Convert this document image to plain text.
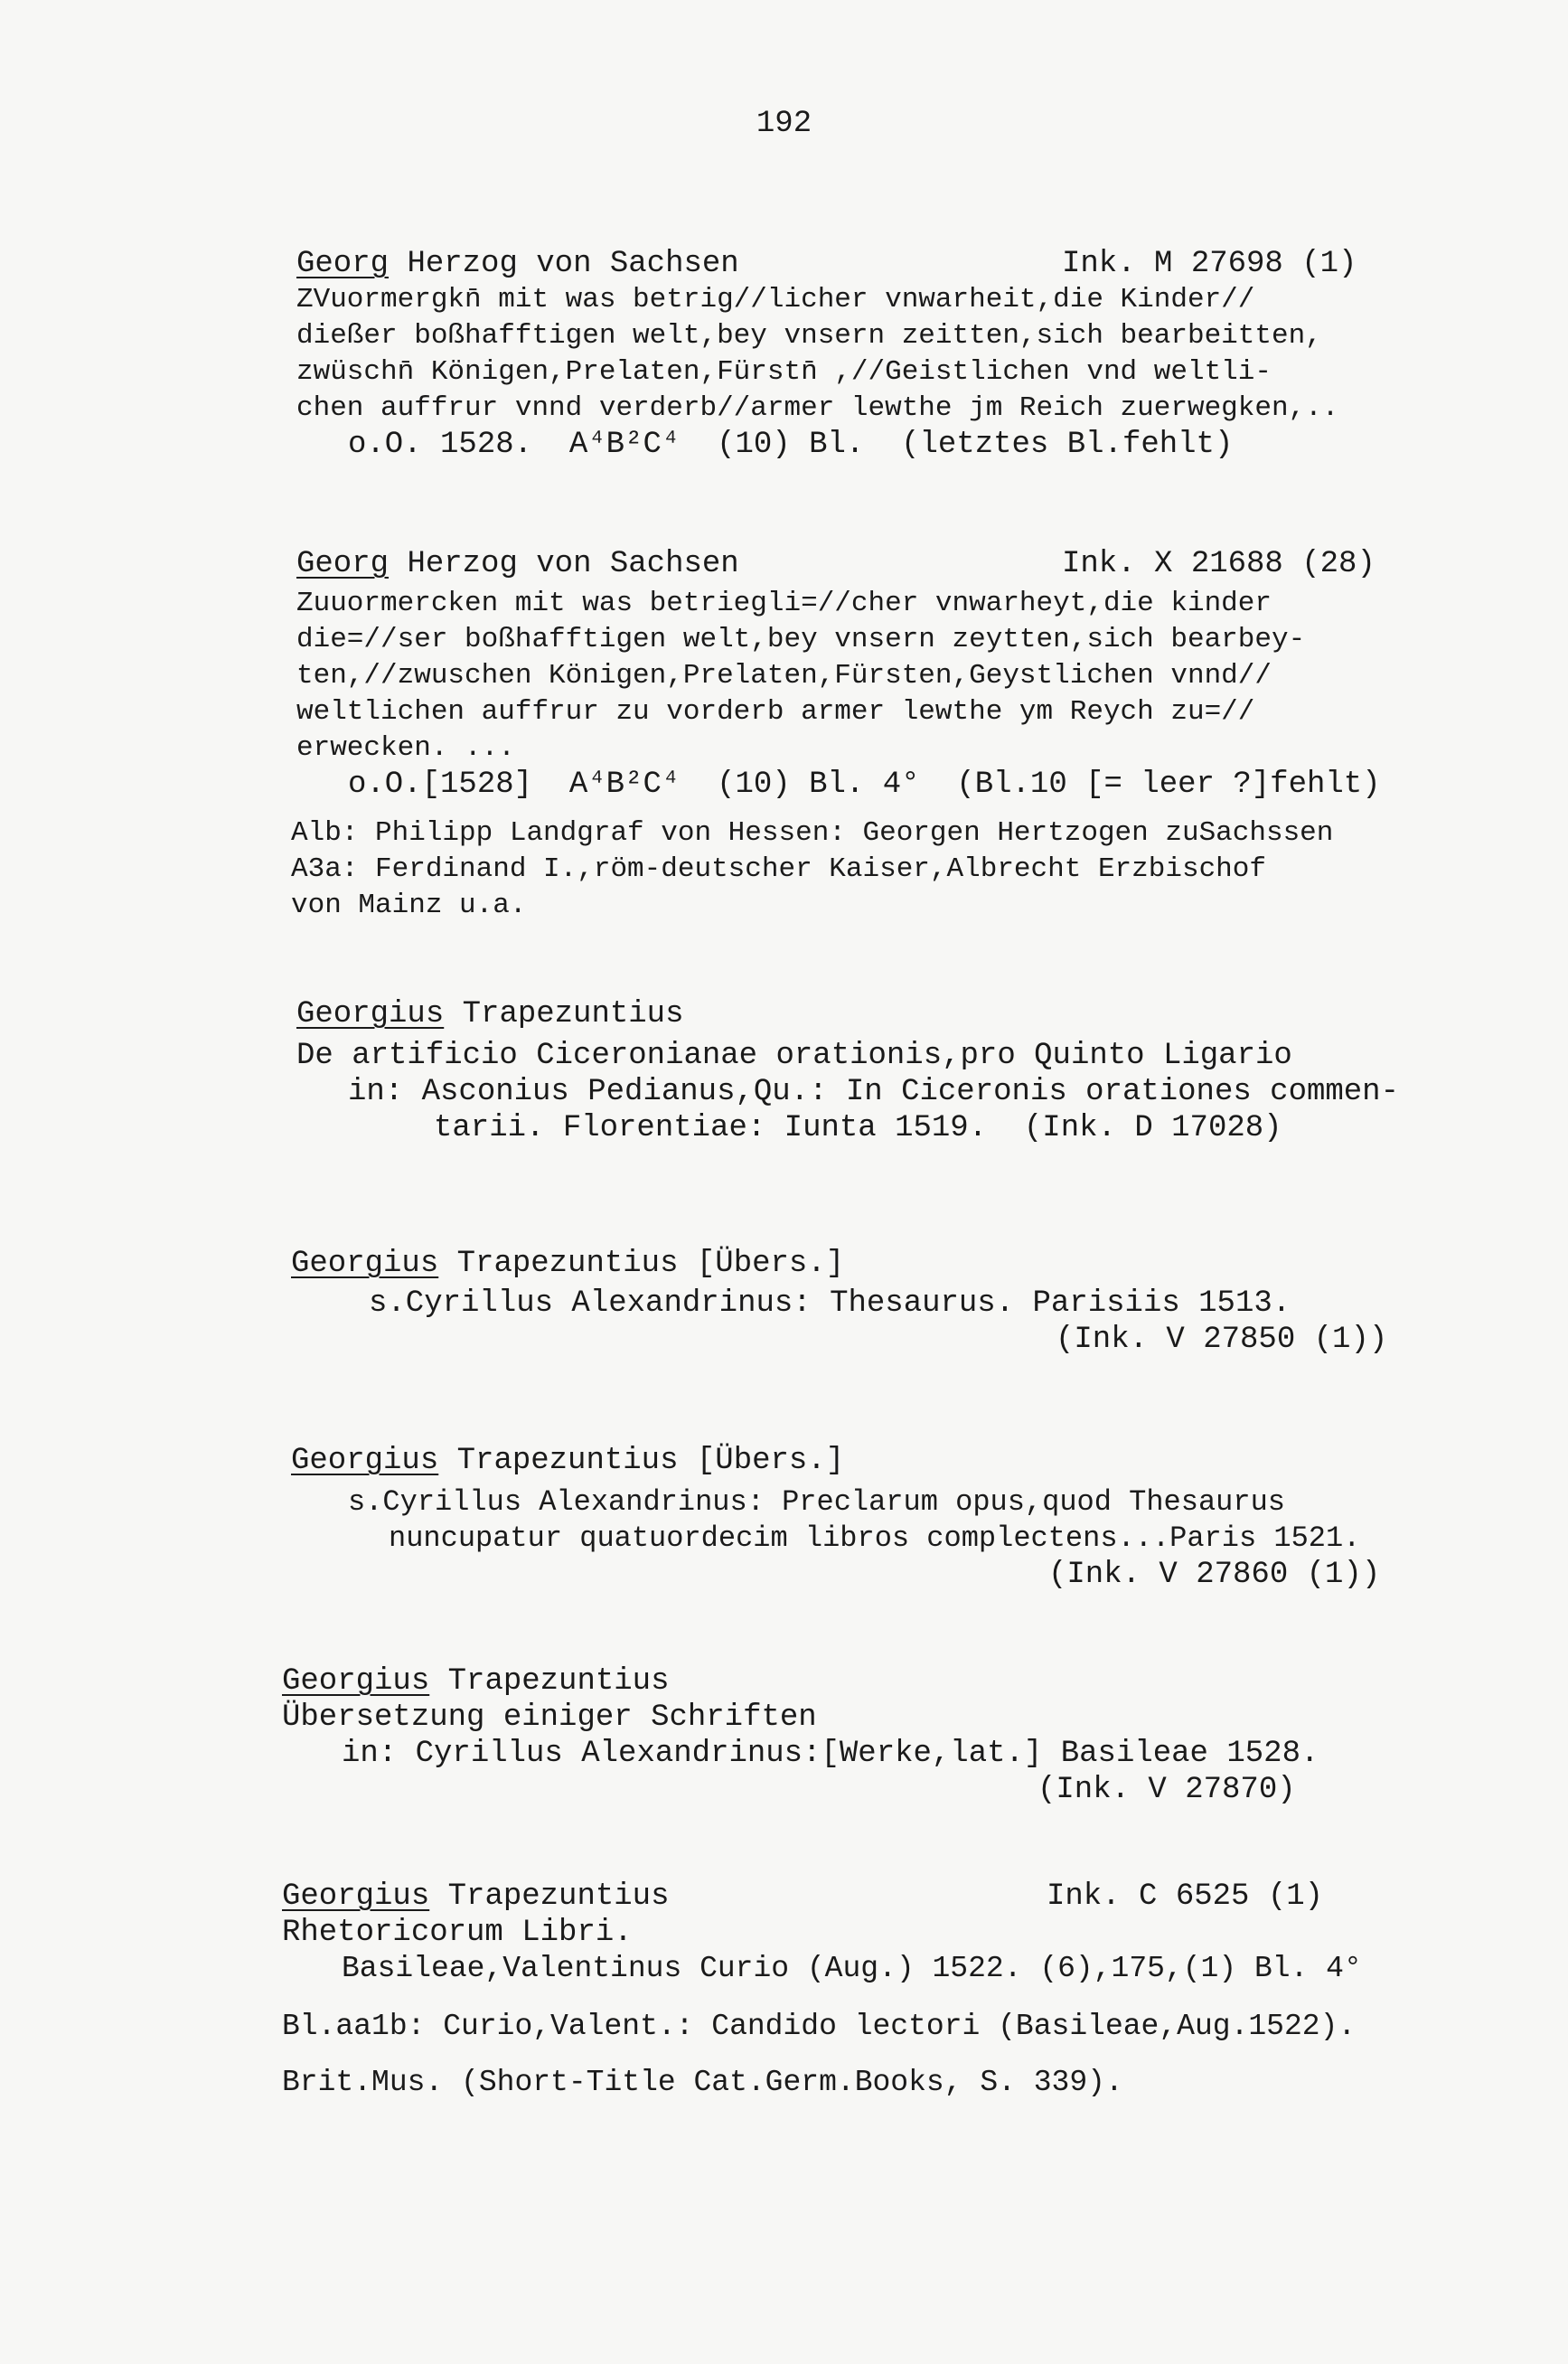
192
Georg Herzog von Sachsen	Ink. M 27698 (1)
ZVuormergkn̄ mit was betrig//licher vnwarheit,die Kinder//
dießer boßhafftigen welt,bey vnsern zeitten,sich bearbeitten,
zwüschn̄ Königen,Prelaten,Fürstn̄ ,//Geistlichen vnd weltli-
chen auffrur vnnd verderb//armer lewthe jm Reich zuerwegken,..
o.O. 1528.  A⁴B²C⁴  (10) Bl.  (letztes Bl.fehlt)
Georg Herzog von Sachsen	Ink. X 21688 (28)
Zuuormercken mit was betriegli=//cher vnwarheyt,die kinder
die=//ser boßhafftigen welt,bey vnsern zeytten,sich bearbey-
ten,//zwuschen Königen,Prelaten,Fürsten,Geystlichen vnnd//
weltlichen auffrur zu vorderb armer lewthe ym Reych zu=//
erwecken. ...
o.O.[1528]  A⁴B²C⁴  (10) Bl. 4°  (Bl.10 [= leer ?]fehlt)
Alb: Philipp Landgraf von Hessen: Georgen Hertzogen zuSachssen
A3a: Ferdinand I.,röm-deutscher Kaiser,Albrecht Erzbischof
von Mainz u.a.
Georgius Trapezuntius
De artificio Ciceronianae orationis,pro Quinto Ligario
in: Asconius Pedianus,Qu.: In Ciceronis orationes commen-
tarii. Florentiae: Iunta 1519.  (Ink. D 17028)
Georgius Trapezuntius [Übers.]
s.Cyrillus Alexandrinus: Thesaurus. Parisiis 1513.
(Ink. V 27850 (1))
Georgius Trapezuntius [Übers.]
s.Cyrillus Alexandrinus: Preclarum opus,quod Thesaurus
nuncupatur quatuordecim libros complectens...Paris 1521.
(Ink. V 27860 (1))
Georgius Trapezuntius
Übersetzung einiger Schriften
in: Cyrillus Alexandrinus:[Werke,lat.] Basileae 1528.
(Ink. V 27870)
Georgius Trapezuntius	Ink. C 6525 (1)
Rhetoricorum Libri.
Basileae,Valentinus Curio (Aug.) 1522. (6),175,(1) Bl. 4°
Bl.aa1b: Curio,Valent.: Candido lectori (Basileae,Aug.1522).
Brit.Mus. (Short-Title Cat.Germ.Books, S. 339).
